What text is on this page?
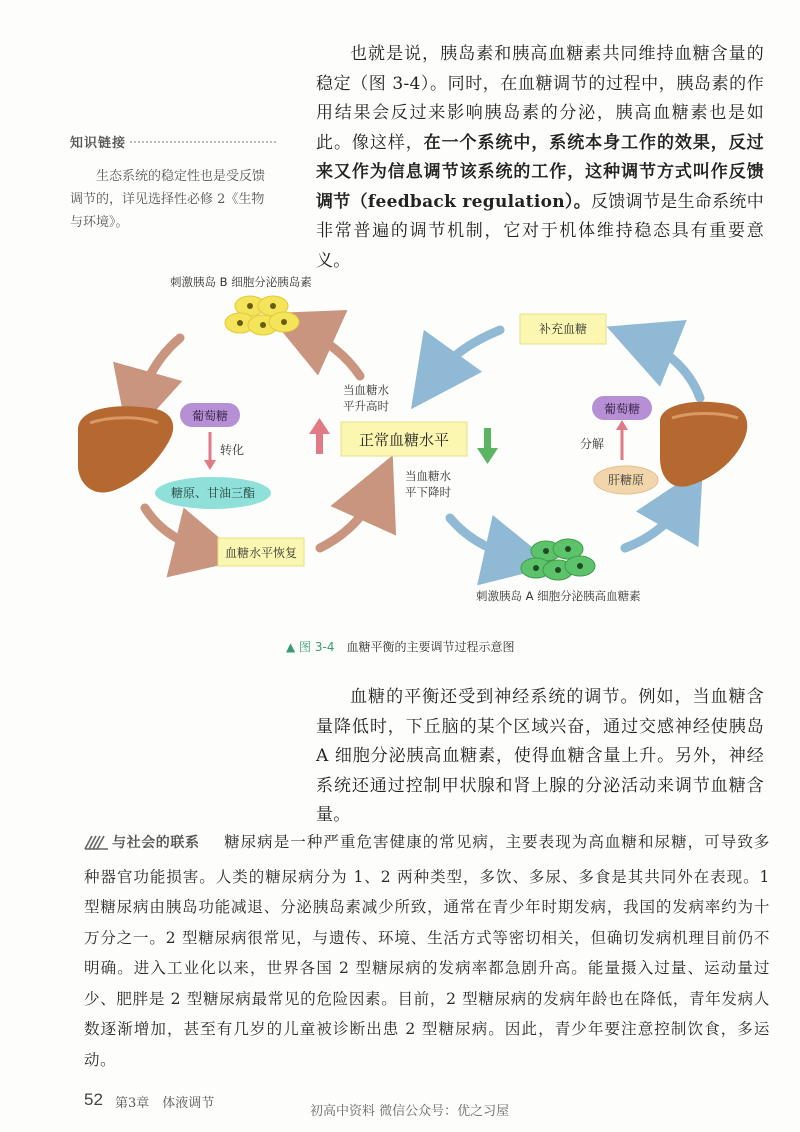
也就是说，胰岛素和胰高血糖素共同维持血糖含量的稳定（图 3-4）。同时，在血糖调节的过程中，胰岛素的作用结果会反过来影响胰岛素的分泌，胰高血糖素也是如此。像这样，在一个系统中，系统本身工作的效果，反过来又作为信息调节该系统的工作，这种调节方式叫作反馈调节（feedback regulation）。反馈调节是生命系统中非常普遍的调节机制，它对于机体维持稳态具有重要意义。
知识链接
生态系统的稳定性也是受反馈调节的，详见选择性必修 2《生物与环境》。
刺激胰岛 B 细胞分泌胰岛素
葡萄糖
转化
糖原、甘油三酯
血糖水平恢复
当血糖水
平升高时
正常血糖水平
当血糖水
平下降时
补充血糖
葡萄糖
分解
肝糖原
刺激胰岛 A 细胞分泌胰高血糖素
▲ 图 3-4 血糖平衡的主要调节过程示意图
血糖的平衡还受到神经系统的调节。例如，当血糖含量降低时，下丘脑的某个区域兴奋，通过交感神经使胰岛 A 细胞分泌胰高血糖素，使得血糖含量上升。另外，神经系统还通过控制甲状腺和肾上腺的分泌活动来调节血糖含量。
与社会的联系 糖尿病是一种严重危害健康的常见病，主要表现为高血糖和尿糖，可导致多种器官功能损害。人类的糖尿病分为 1、2 两种类型，多饮、多尿、多食是其共同外在表现。1 型糖尿病由胰岛功能减退、分泌胰岛素减少所致，通常在青少年时期发病，我国的发病率约为十万分之一。2 型糖尿病很常见，与遗传、环境、生活方式等密切相关，但确切发病机理目前仍不明确。进入工业化以来，世界各国 2 型糖尿病的发病率都急剧升高。能量摄入过量、运动量过少、肥胖是 2 型糖尿病最常见的危险因素。目前，2 型糖尿病的发病年龄也在降低，青年发病人数逐渐增加，甚至有几岁的儿童被诊断出患 2 型糖尿病。因此，青少年要注意控制饮食，多运动。
52 第3章　体液调节
初高中资料 微信公众号：优之习屋
